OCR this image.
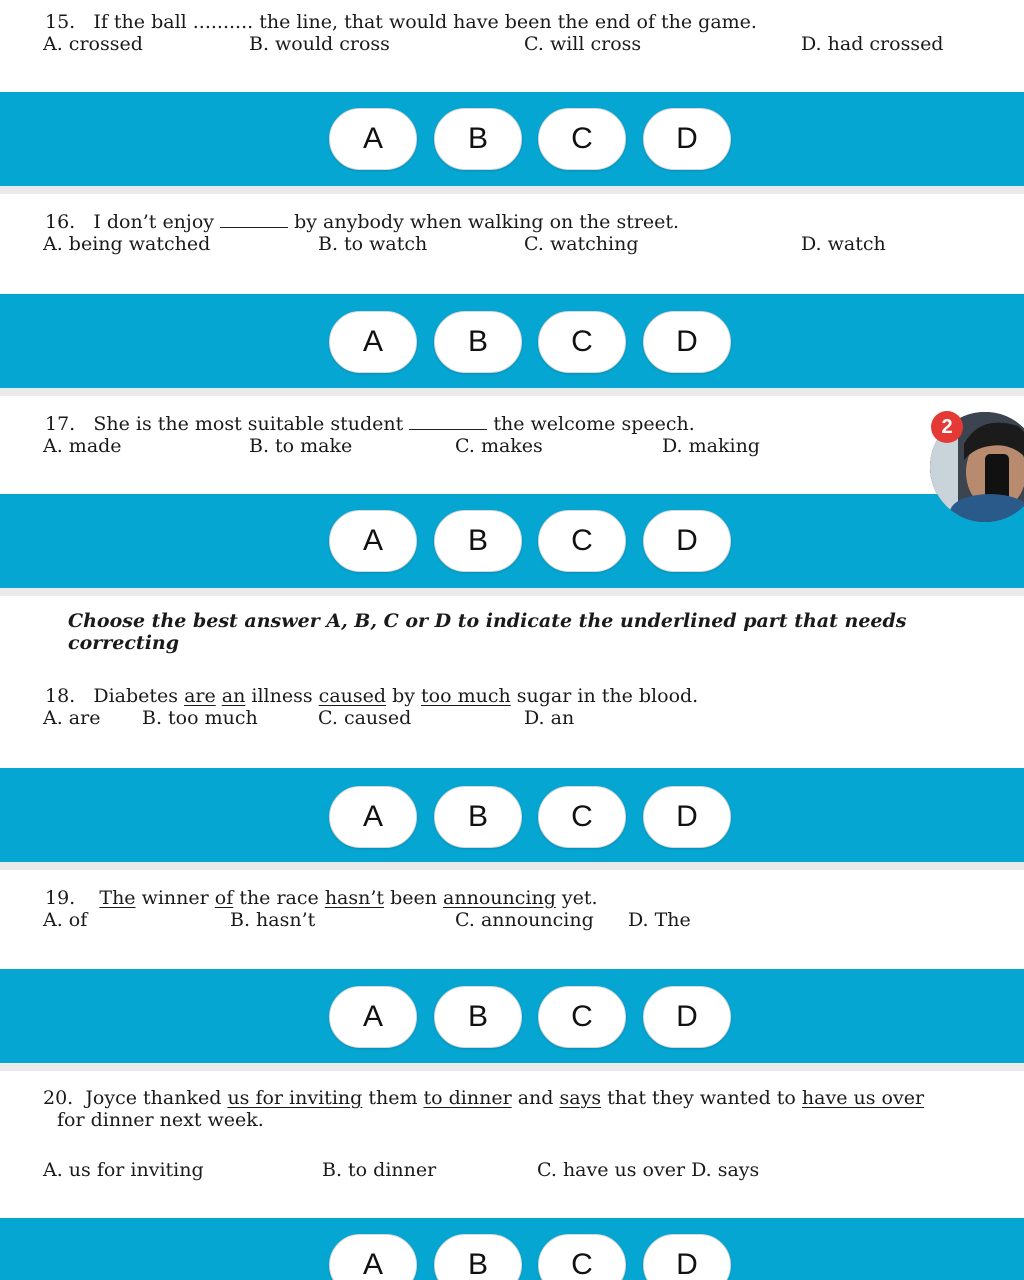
15. If the ball .......... the line, that would have been the end of the game.
A. crossed	B. would cross	C. will cross	D. had crossed
A	B	C	D
16. I don’t enjoy	by anybody when walking on the street.
A. being watched	B. to watch	C. watching	D. watch
A	B	C	D
17. She is the most suitable student	the welcome speech.
A. made	B. to make	C. makes	D. making
A	B	C	D
2
Choose the best answer A, B, C or D to indicate the underlined part that needs correcting
18. Diabetes are an illness caused by too much sugar in the blood.
A. are B. too much	C. caused	D. an
A	B	C	D
19. The winner of the race hasn’t been announcing yet.
A. of	B. hasn’t	C. announcing D. The
A	B	C	D
20. Joyce thanked us for inviting them to dinner and says that they wanted to have us over
for dinner next week.
A. us for inviting	B. to dinner	C. have us over D. says
A	B	C	D
